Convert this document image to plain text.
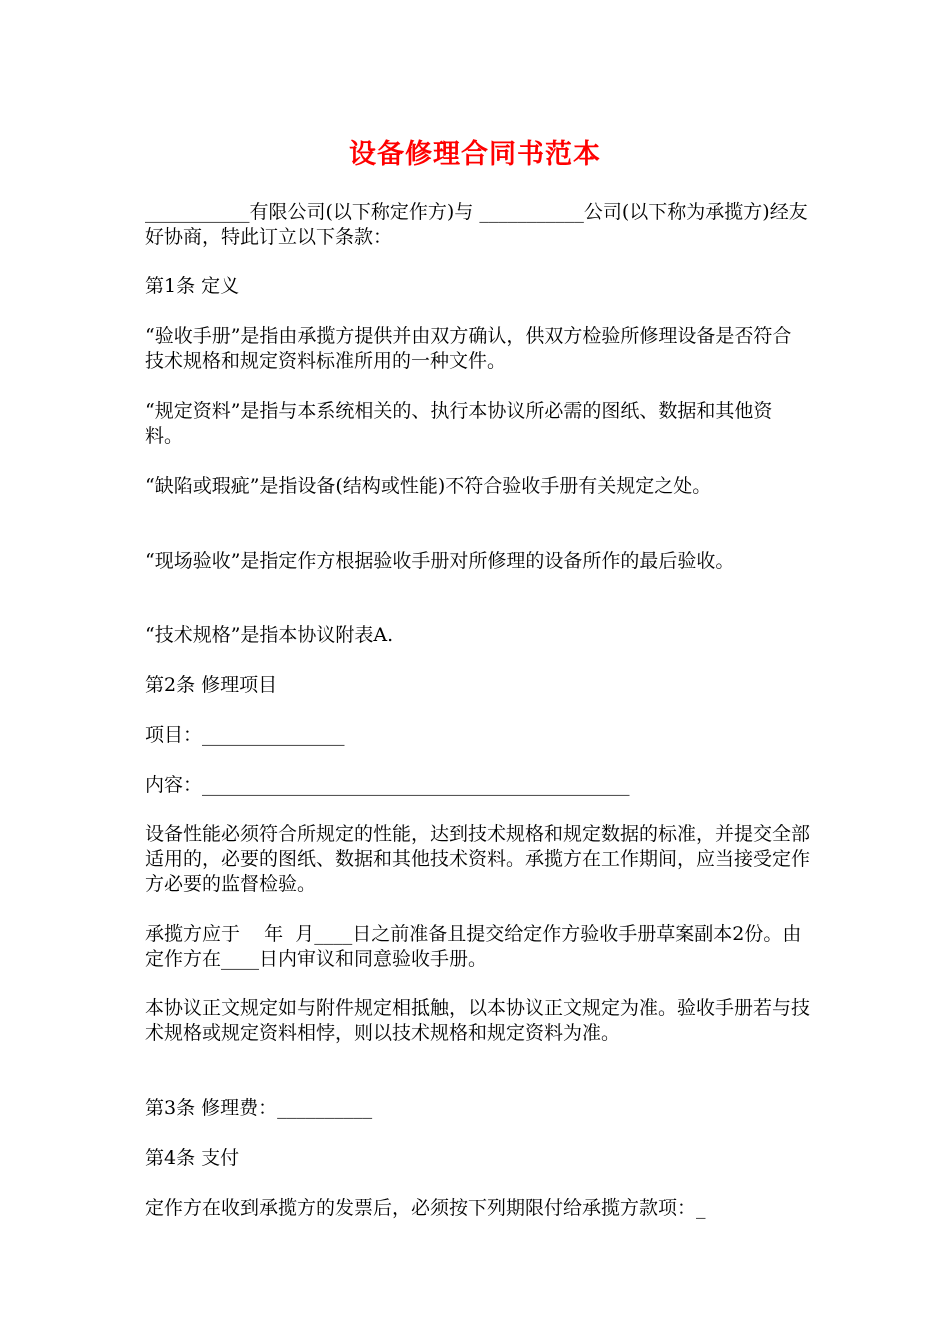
设备修理合同书范本
___________有限公司(以下称定作方)与 ___________公司(以下称为承揽方)经友好协商，特此订立以下条款：
第1条 定义
“验收手册”是指由承揽方提供并由双方确认，供双方检验所修理设备是否符合技术规格和规定资料标准所用的一种文件。
“规定资料”是指与本系统相关的、执行本协议所必需的图纸、数据和其他资料。
“缺陷或瑕疵”是指设备(结构或性能)不符合验收手册有关规定之处。
“现场验收”是指定作方根据验收手册对所修理的设备所作的最后验收。
“技术规格”是指本协议附表A.
第2条 修理项目
项目：_______________
内容：_____________________________________________
设备性能必须符合所规定的性能，达到技术规格和规定数据的标准，并提交全部适用的，必要的图纸、数据和其他技术资料。承揽方在工作期间，应当接受定作方必要的监督检验。
承揽方应于    年  月____日之前准备且提交给定作方验收手册草案副本2份。由定作方在____日内审议和同意验收手册。
本协议正文规定如与附件规定相抵触，以本协议正文规定为准。验收手册若与技术规格或规定资料相悖，则以技术规格和规定资料为准。
第3条 修理费：__________
第4条 支付
定作方在收到承揽方的发票后，必须按下列期限付给承揽方款项：_
